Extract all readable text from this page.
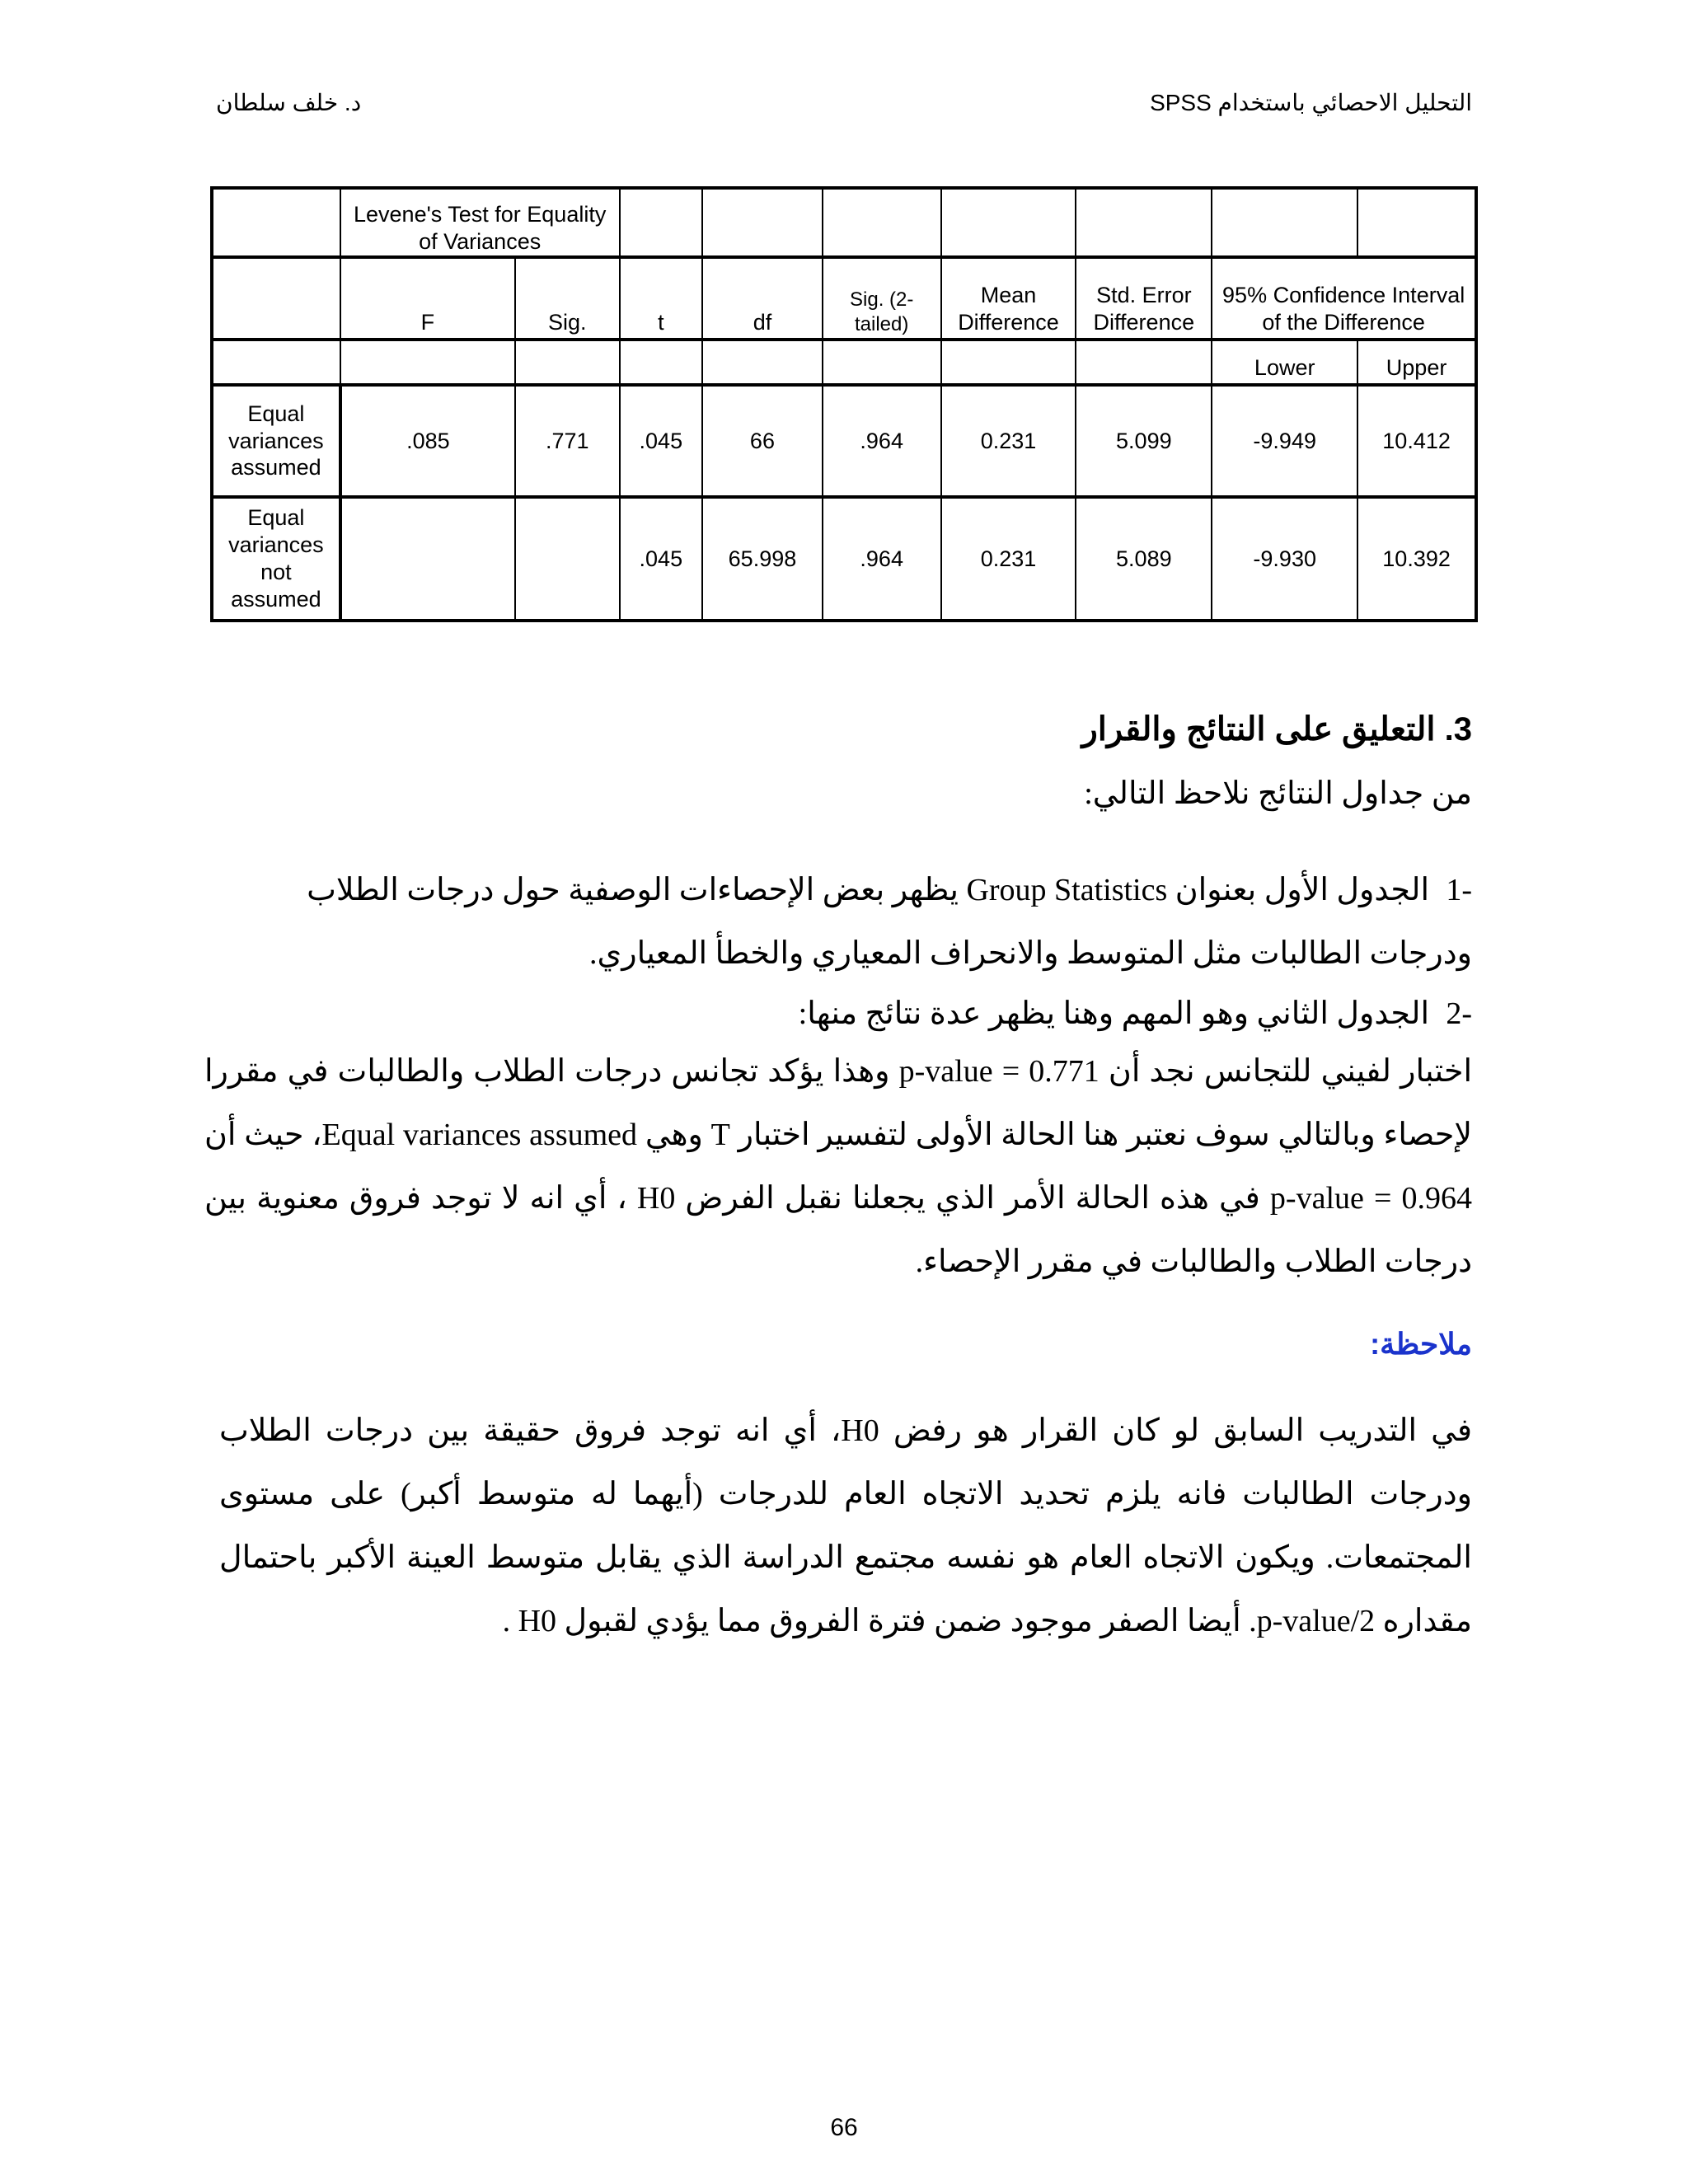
التحليل الاحصائي باستخدام SPSS
د. خلف سلطان
	Levene's Test for Equality of Variances								
	F	Sig.	t	df	Sig. (2-tailed)	Mean Difference	Std. Error Difference	95% Confidence Interval of the Difference	
								Lower	Upper
Equal variances assumed	.085	.771	.045	66	.964	0.231	5.099	-9.949	10.412
Equal variances not assumed			.045	65.998	.964	0.231	5.089	-9.930	10.392
3. التعليق على النتائج والقرار
من جداول النتائج نلاحظ التالي:
-1الجدول الأول بعنوان Group Statistics يظهر بعض الإحصاءات الوصفية حول درجات الطلاب ودرجات الطالبات مثل المتوسط والانحراف المعياري والخطأ المعياري.
-2الجدول الثاني وهو المهم وهنا يظهر عدة نتائج منها:
اختبار لفيني للتجانس نجد أن p-value = 0.771 وهذا يؤكد تجانس درجات الطلاب والطالبات في مقررا لإحصاء وبالتالي سوف نعتبر هنا الحالة الأولى لتفسير اختبار T وهي Equal variances assumed، حيث أن p-value = 0.964 في هذه الحالة الأمر الذي يجعلنا نقبل الفرض H0 ، أي انه لا توجد فروق معنوية بين درجات الطلاب والطالبات في مقرر الإحصاء.
ملاحظة:
في التدريب السابق لو كان القرار هو رفض H0، أي انه توجد فروق حقيقة بين درجات الطلاب ودرجات الطالبات فانه يلزم تحديد الاتجاه العام للدرجات (أيهما له متوسط أكبر) على مستوى المجتمعات. ويكون الاتجاه العام هو نفسه مجتمع الدراسة الذي يقابل متوسط العينة الأكبر باحتمال مقداره p-value/2. أيضا الصفر موجود ضمن فترة الفروق مما يؤدي لقبول H0 .
66
